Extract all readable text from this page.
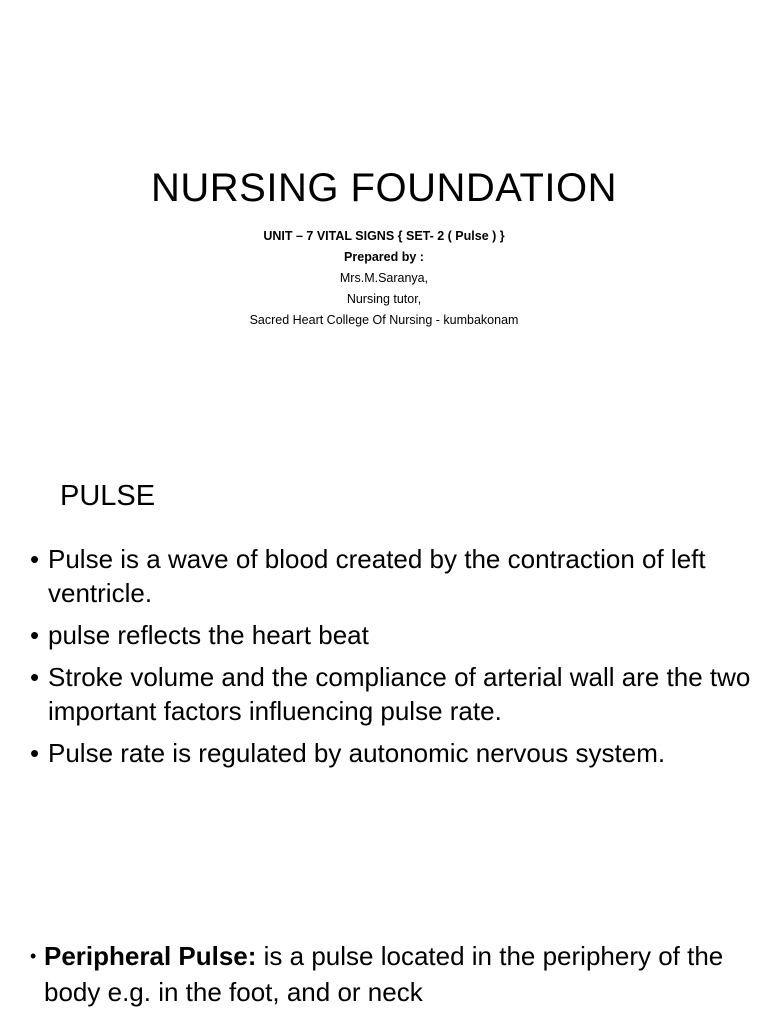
NURSING FOUNDATION
UNIT – 7 VITAL SIGNS { SET- 2 ( Pulse ) }
Prepared by :
Mrs.M.Saranya,
Nursing tutor,
Sacred Heart College Of Nursing - kumbakonam
PULSE
• Pulse is a wave of blood created by the contraction of left ventricle.
• pulse reflects the heart beat
• Stroke volume and the compliance of arterial wall are the two important factors influencing pulse rate.
• Pulse rate is regulated by autonomic nervous system.
• Peripheral Pulse: is a pulse located in the periphery of the body e.g. in the foot, and or neck
